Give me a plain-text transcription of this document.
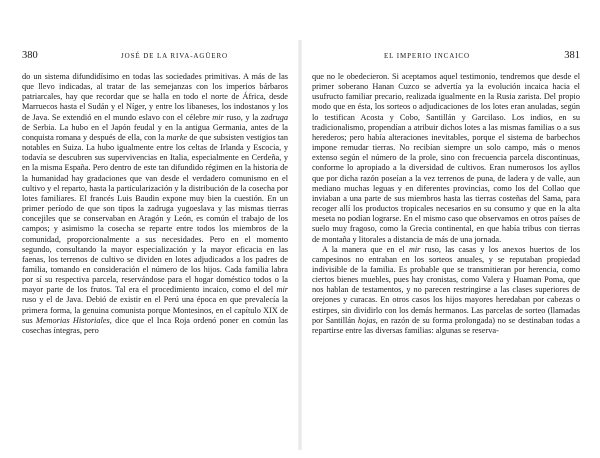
380	JOSÉ DE LA RIVA-AGÜERO

do un sistema difundidísimo en todas las sociedades primitivas. A más de las que llevo indicadas, al tratar de las semejanzas con los imperios bárbaros patriarcales, hay que recordar que se halla en todo el norte de África, desde Marruecos hasta el Sudán y el Níger, y entre los libaneses, los indostanos y los de Java. Se extendió en el mundo eslavo con el célebre mir ruso, y la zadruga de Serbia. La hubo en el Japón feudal y en la antigua Germania, antes de la conquista romana y después de ella, con la marke de que subsisten vestigios tan notables en Suiza. La hubo igualmente entre los celtas de Irlanda y Escocia, y todavía se descubren sus supervivencias en Italia, especialmente en Cerdeña, y en la misma España. Pero dentro de este tan difundido régimen en la historia de la humanidad hay gradaciones que van desde el verdadero comunismo en el cultivo y el reparto, hasta la particularización y la distribución de la cosecha por lotes familiares. El francés Luis Baudin expone muy bien la cuestión. En un primer período de que son tipos la zadruga yugoeslava y las mismas tierras concejiles que se conservaban en Aragón y León, es común el trabajo de los campos; y asimismo la cosecha se reparte entre todos los miembros de la comunidad, proporcionalmente a sus necesidades. Pero en el momento segundo, consultando la mayor especialización y la mayor eficacia en las faenas, los terrenos de cultivo se dividen en lotes adjudicados a los padres de familia, tomando en consideración el número de los hijos. Cada familia labra por sí su respectiva parcela, reservándose para el hogar doméstico todos o la mayor parte de los frutos. Tal era el procedimiento incaico, como el del mir ruso y el de Java. Debió de existir en el Perú una época en que prevalecía la primera forma, la genuina comunista porque Montesinos, en el capítulo XIX de sus Memorias Historiales, dice que el Inca Roja ordenó poner en común las cosechas íntegras, pero

EL IMPERIO INCAICO	381

que no le obedecieron. Si aceptamos aquel testimonio, tendremos que desde el primer soberano Hanan Cuzco se advertía ya la evolución incaica hacia el usufructo familiar precario, realizada igualmente en la Rusia zarista. Del propio modo que en ésta, los sorteos o adjudicaciones de los lotes eran anuladas, según lo testifican Acosta y Cobo, Santillán y Garcilaso. Los indios, en su tradicionalismo, propendían a atribuir dichos lotes a las mismas familias o a sus herederos; pero había alteraciones inevitables, porque el sistema de barbechos impone remudar tierras. No recibían siempre un solo campo, más o menos extenso según el número de la prole, sino con frecuencia parcela discontinuas, conforme lo apropiado a la diversidad de cultivos. Eran numerosos los ayllos que por dicha razón poseían a la vez terrenos de puna, de ladera y de valle, aun mediano muchas leguas y en diferentes provincias, como los del Collao que inviaban a una parte de sus miembros hasta las tierras costeñas del Sama, para recoger allí los productos tropicales necesarios en su consumo y que en la alta meseta no podían lograrse. En el mismo caso que observamos en otros países de suelo muy fragoso, como la Grecia continental, en que había tribus con tierras de montaña y litorales a distancia de más de una jornada.

A la manera que en el mir ruso, las casas y los anexos huertos de los campesinos no entraban en los sorteos anuales, y se reputaban propiedad indivisible de la familia. Es probable que se transmitieran por herencia, como ciertos bienes muebles, pues hay cronistas, como Valera y Huaman Poma, que nos hablan de testamentos, y no parecen restringirse a las clases superiores de orejones y curacas. En otros casos los hijos mayores heredaban por cabezas o estirpes, sin dividirlo con los demás hermanos. Las parcelas de sorteo (llamadas por Santillán hojas, en razón de su forma prolongada) no se destinaban todas a repartirse entre las diversas familias: algunas se reserva-
